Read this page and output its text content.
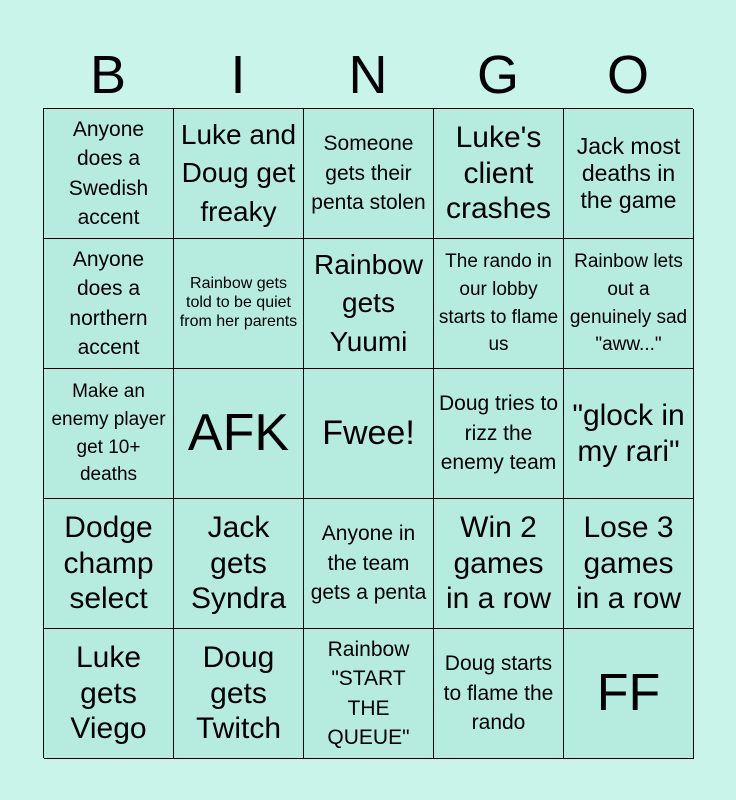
B	I	N	G	O
Anyone does a Swedish accent
Luke and Doug get freaky
Someone gets their penta stolen
Luke's client crashes
Jack most deaths in the game
Anyone does a northern accent
Rainbow gets told to be quiet from her parents
Rainbow gets Yuumi
The rando in our lobby starts to flame us
Rainbow lets out a genuinely sad "aww..."
Make an enemy player get 10+ deaths
AFK Fwee!
Doug tries to rizz the enemy team
"glock in my rari"
Dodge champ select
Jack gets Syndra
Anyone in the team gets a penta
Win 2 games in a row
Lose 3 games in a row
Luke gets Viego
Doug gets Twitch
Rainbow "START THE QUEUE"
Doug starts to flame the rando
FF
